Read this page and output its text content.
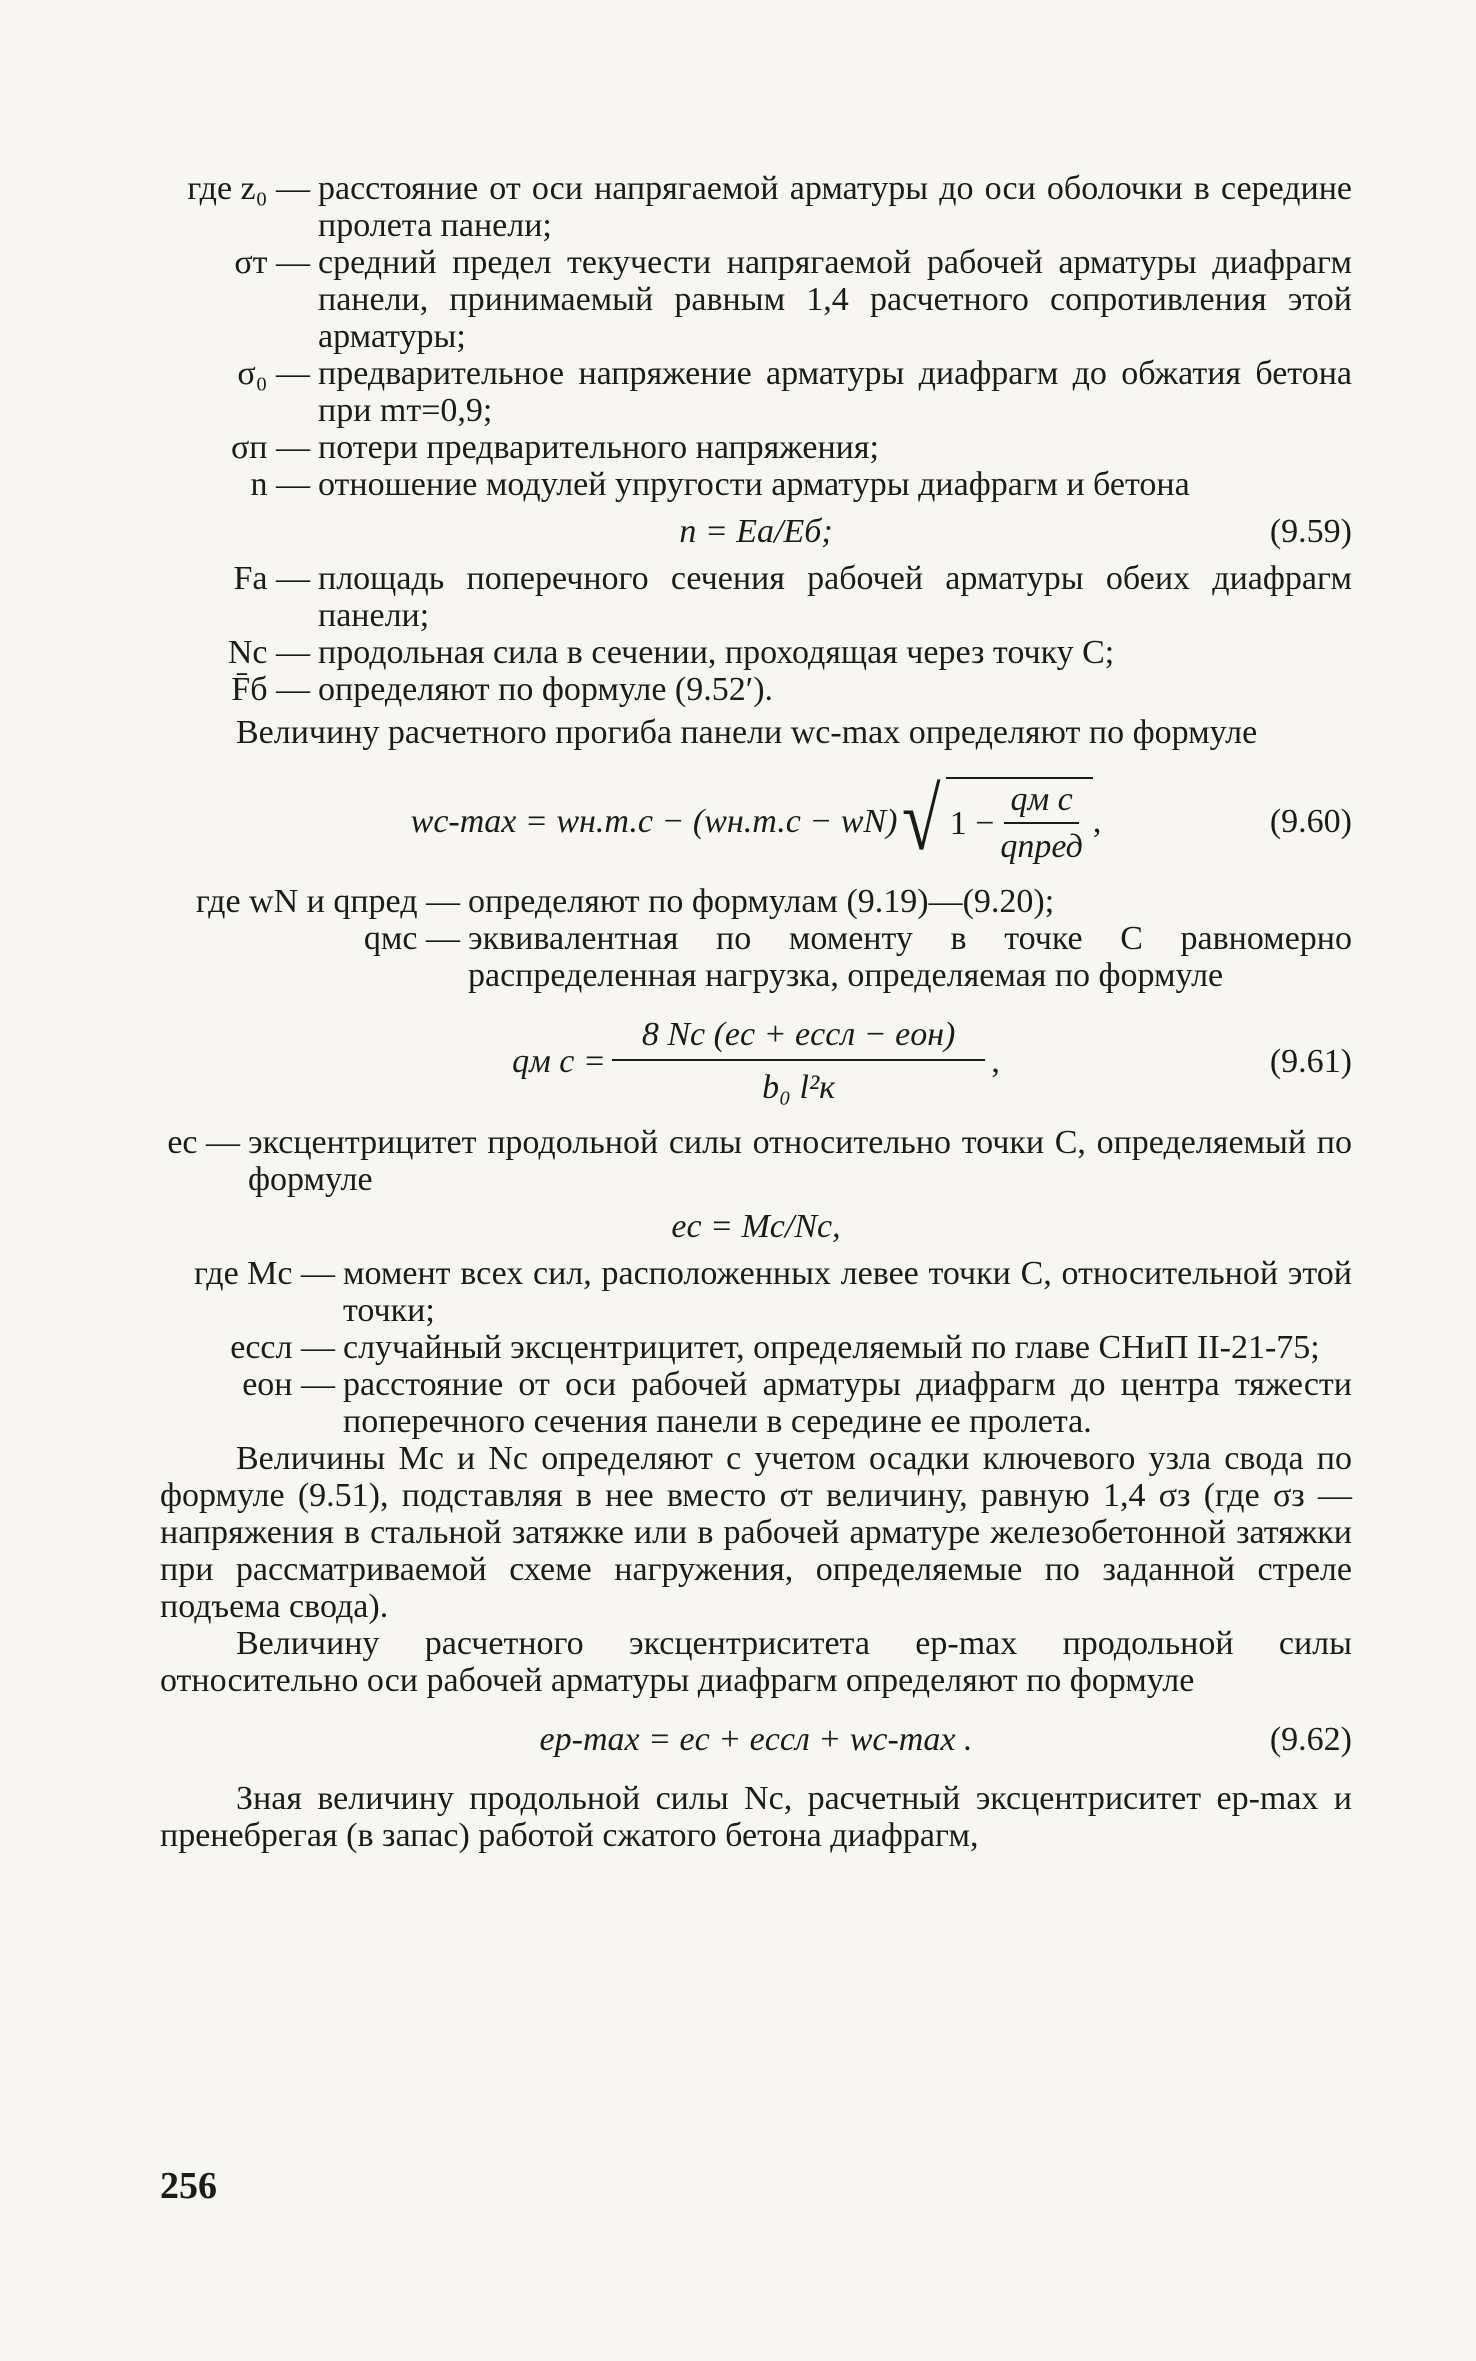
где z₀ — расстояние от оси напрягаемой арматуры до оси оболочки в середине пролета панели;
σт — средний предел текучести напрягаемой рабочей арматуры диафрагм панели, принимаемый равным 1,4 расчетного сопротивления этой арматуры;
σ₀ — предварительное напряжение арматуры диафрагм до обжатия бетона при mт=0,9;
σп — потери предварительного напряжения;
n — отношение модулей упругости арматуры диафрагм и бетона
n = Eа/Eб;	(9.59)
Fа — площадь поперечного сечения рабочей арматуры обеих диафрагм панели;
Nc — продольная сила в сечении, проходящая через точку C;
F̄б — определяют по формуле (9.52′).

Величину расчетного прогиба панели wc-max определяют по формуле

wc-max = wн.т.c − (wн.т.c − wN) √ $1 - \frac{\text{qм c}}{\text{qпред}}$ ,	(9.60)
где wN и qпред — определяют по формулам (9.19)—(9.20);
qмс — эквивалентная по моменту в точке C равномерно распределенная нагрузка, определяемая по формуле
qм $c = \frac{\text{8 Nc (ec + ecсл − eон)}}{\text{b₀ l²к}}$ ,	(9.61)
ec — эксцентрицитет продольной силы относительно точки C, определяемый по формуле
ec = Mc/Nc,
где Mc — момент всех сил, расположенных левее точки C, относительной этой точки;
ecсл — случайный эксцентрицитет, определяемый по главе СНиП II-21-75;
eон — расстояние от оси рабочей арматуры диафрагм до центра тяжести поперечного сечения панели в середине ее пролета.

Величины Mc и Nc определяют с учетом осадки ключевого узла свода по формуле (9.51), подставляя в нее вместо σт величину, равную 1,4 σз (где σз — напряжения в стальной затяжке или в рабочей арматуре железобетонной затяжки при рассматриваемой схеме нагружения, определяемые по заданной стреле подъема свода).

Величину расчетного эксцентриситета eр-max продольной силы относительно оси рабочей арматуры диафрагм определяют по формуле

eр-max = ec + ecсл + wc-max .	(9.62)

Зная величину продольной силы Nc, расчетный эксцентриситет eр-max и пренебрегая (в запас) работой сжатого бетона диафрагм,

256
